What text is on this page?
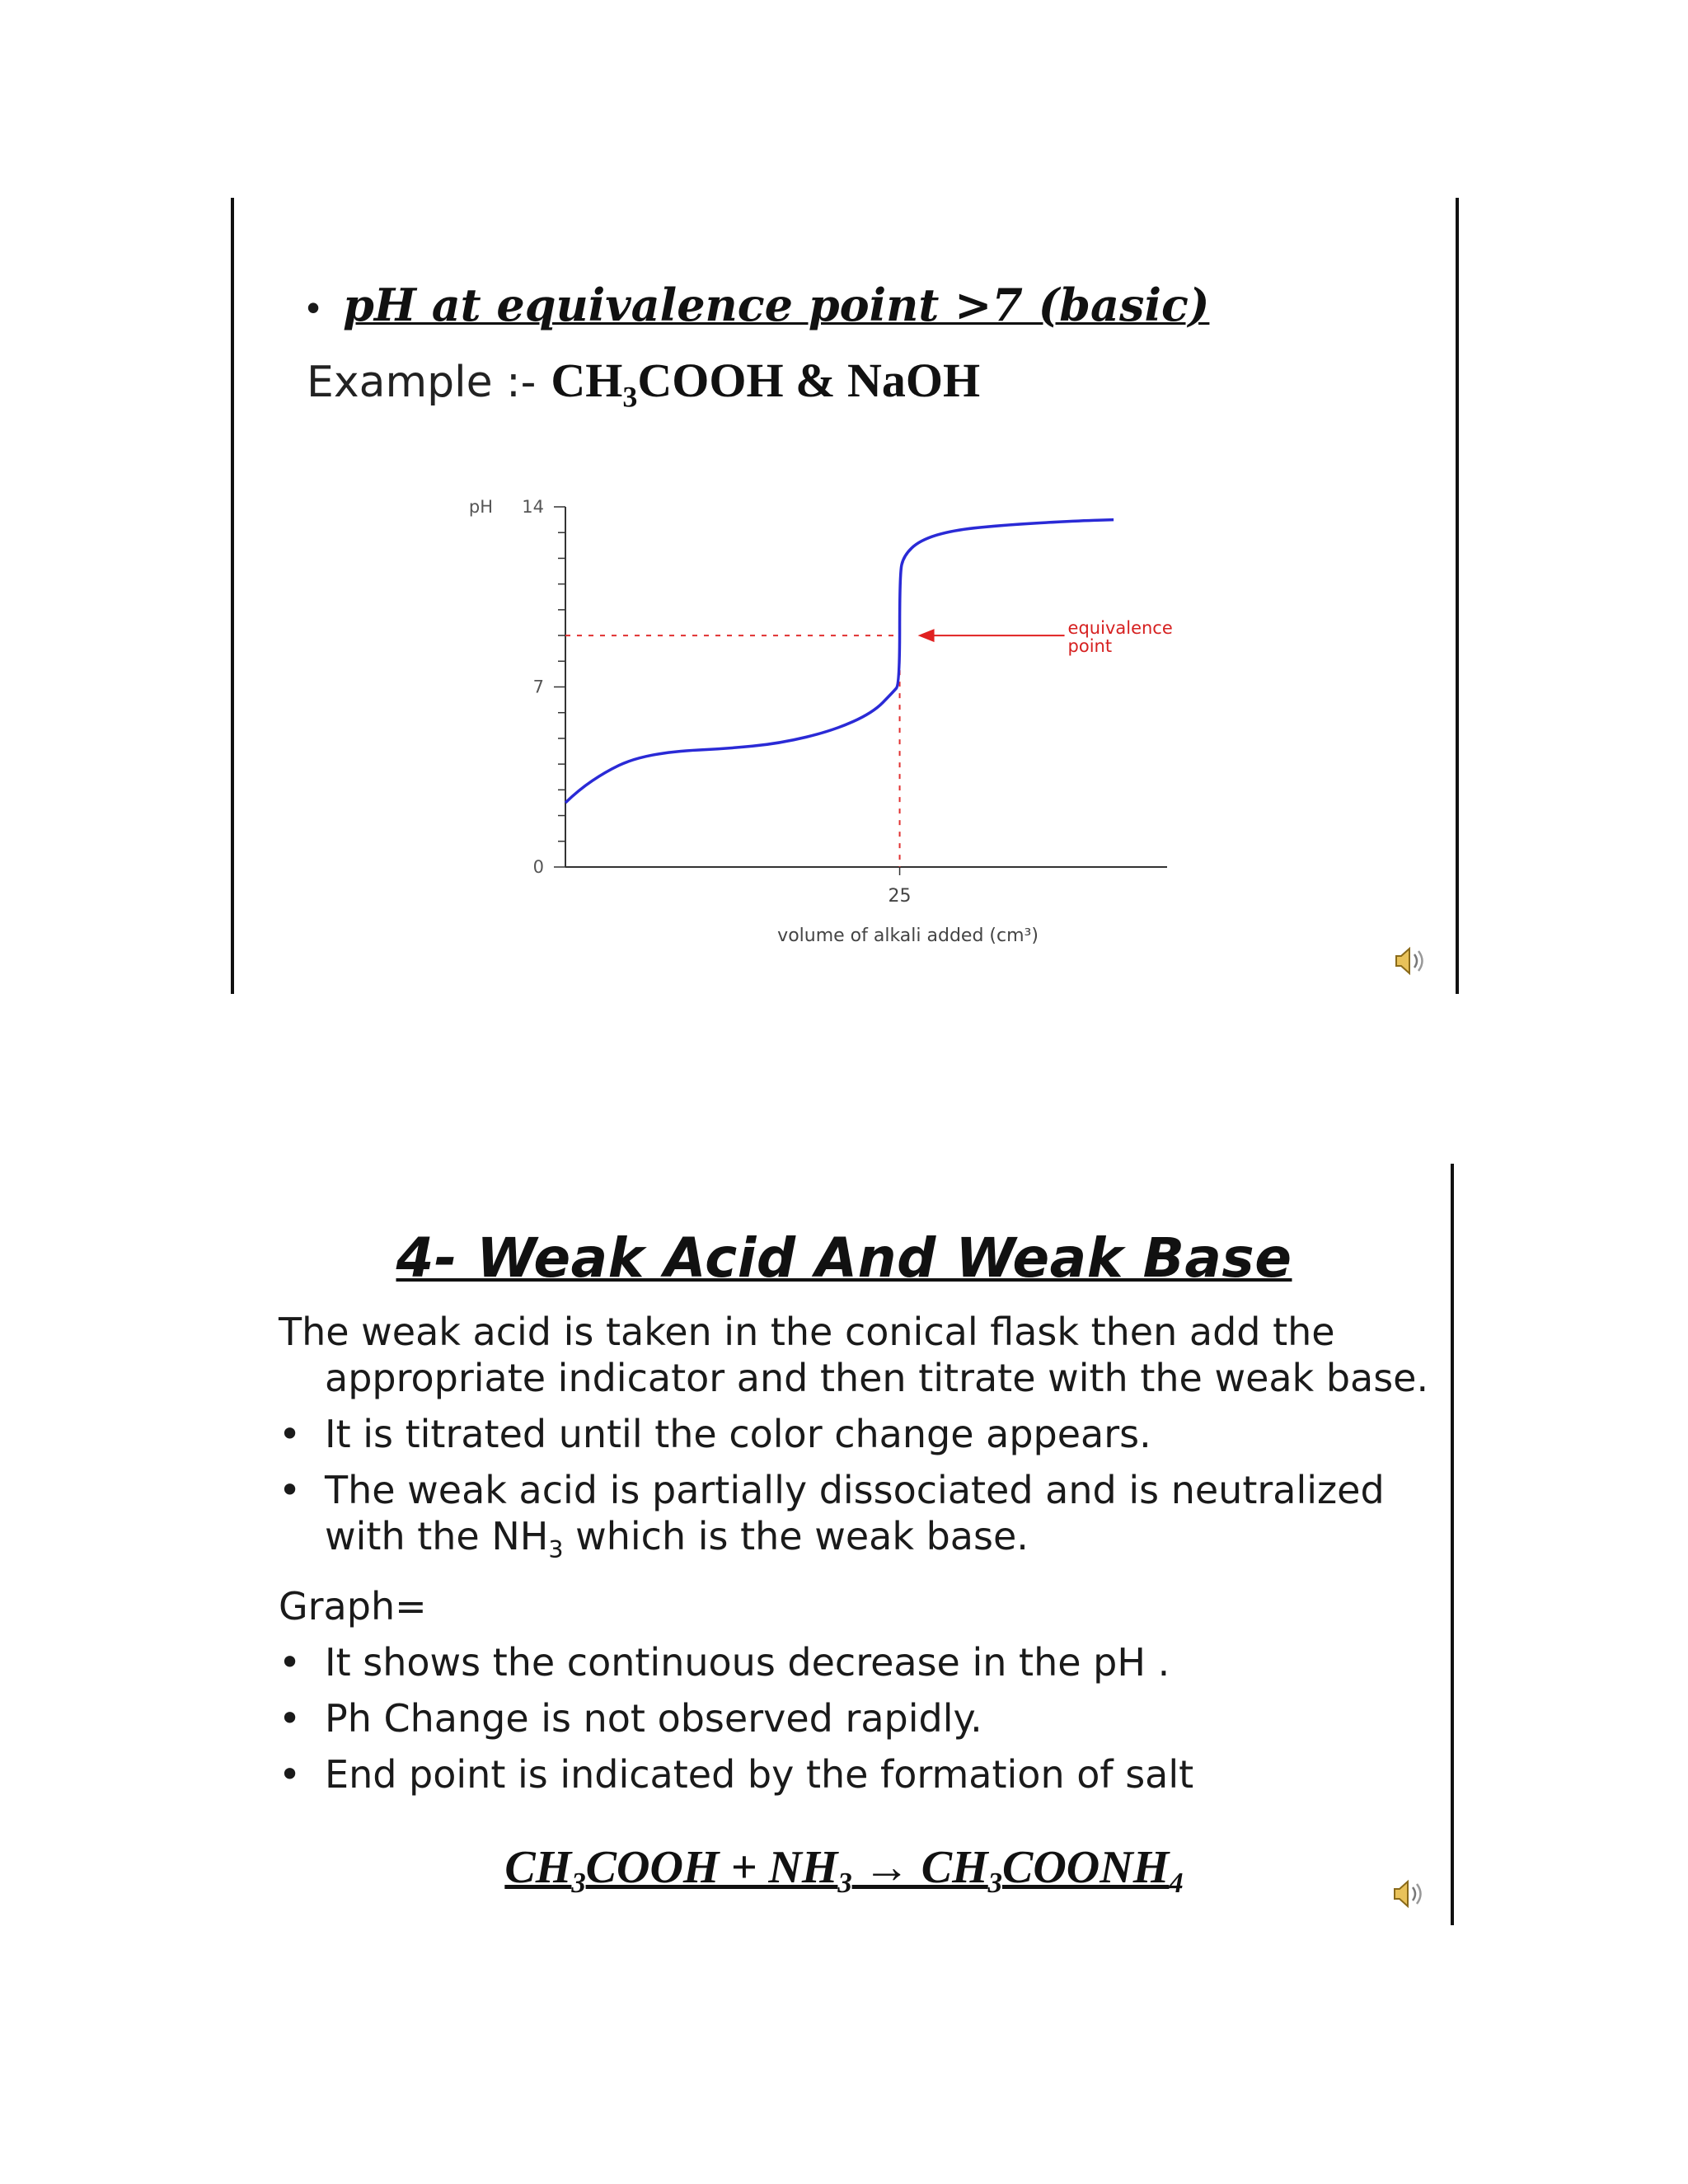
• pH at equivalence point >7 (basic)
Example :- $CH_3COOH$ & NaOH
14
7
0
pH
25
volume of alkali added (cm³)
equivalence
point
4- Weak Acid And Weak Base

The weak acid is taken in the conical flask then add the appropriate indicator and then titrate with the weak base.

• It is titrated until the color change appears.

• The weak acid is partially dissociated and is neutralized with the $NH_3$ which is the weak base.

Graph=

• It shows the continuous decrease in the pH .

• Ph Change is not observed rapidly.

• End point is indicated by the formation of salt

$CH_3COOH + NH_3$ → $CH_3COONH_4$
